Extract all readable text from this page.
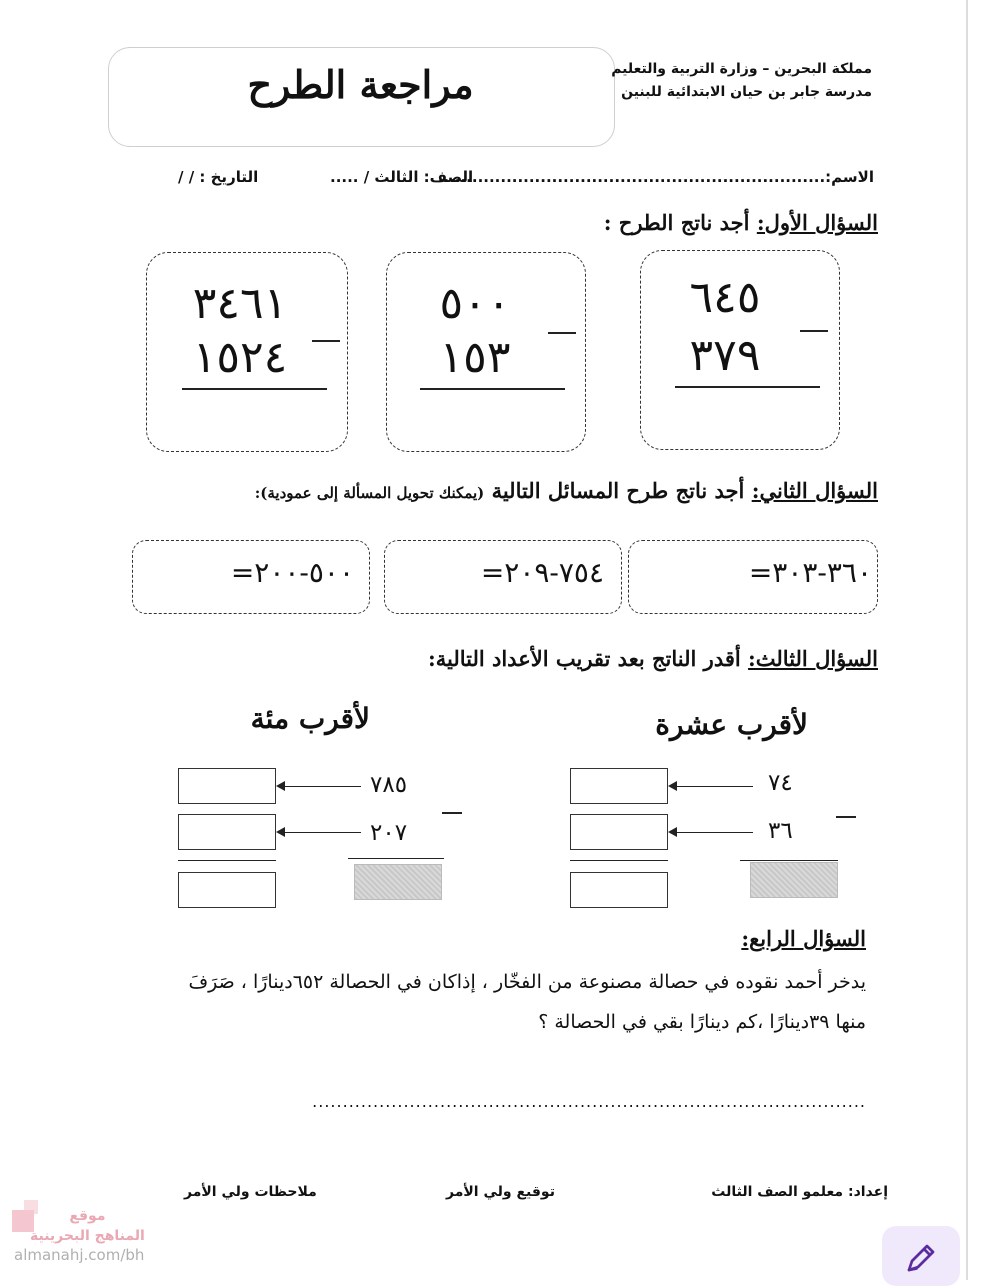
مراجعة الطرح	مملكة البحرين – وزارة التربية والتعليم
مدرسة جابر بن حيان الابتدائية للبنين
الاسم:....................................................................
الصف: الثالث / .....
التاريخ : / /
السؤال الأول: أجد ناتج الطرح :
٦٤٥
٣٧٩
٥٠٠
١٥٣
٣٤٦١
١٥٢٤
السؤال الثاني: أجد ناتج طرح المسائل التالية (يمكنك تحويل المسألة إلى عمودية):
٣٦٠-٣٠٣=
٧٥٤-٢٠٩=
٥٠٠-٢٠٠=
السؤال الثالث: أقدر الناتج بعد تقريب الأعداد التالية:
لأقرب عشرة
٧٤
٣٦
لأقرب مئة
٧٨٥
٢٠٧
السؤال الرابع:
يدخر أحمد نقوده في حصالة مصنوعة من الفخّار ، إذاكان في الحصالة ٦٥٢دينارًا ، صَرَفَ
منها ٣٩دينارًا ،كم دينارًا بقي في الحصالة ؟
...........................................................................................
إعداد: معلمو الصف الثالث
توقيع ولي الأمر
ملاحظات ولي الأمر
موقع
المناهج البحرينية
almanahj.com/bh
